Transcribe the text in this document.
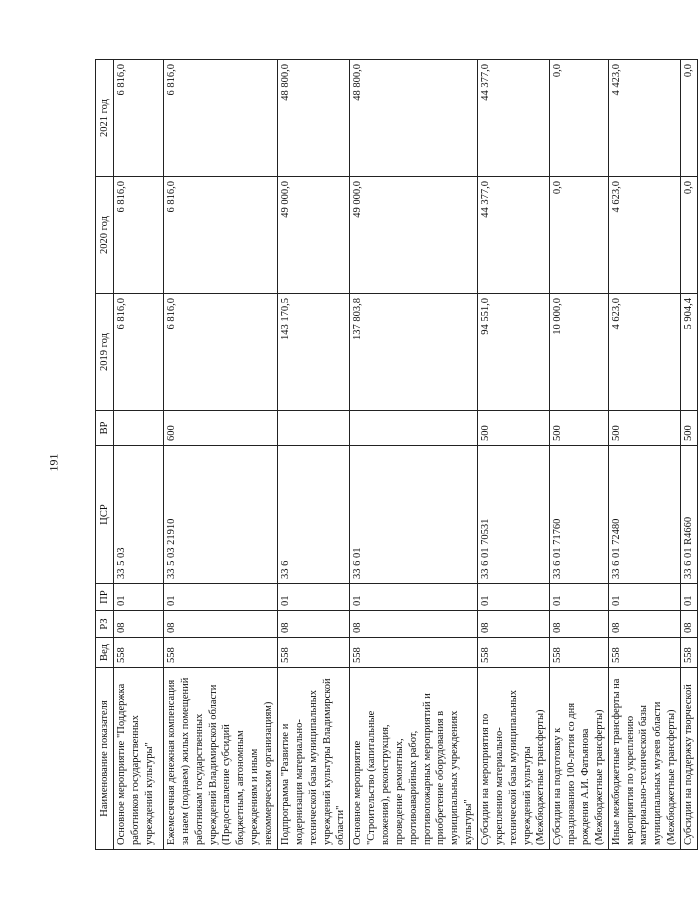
191
Наименование показателя	Вед	РЗ	ПР	ЦСР	ВР	2019 год	2020 год	2021 год
Основное мероприятие "Поддержка работников государственных учреждений культуры"	558	08	01	33 5 03		6 816,0	6 816,0	6 816,0
Ежемесячная денежная компенсация за наем (поднаем) жилых помещений работникам государственных учреждений Владимирской области (Предоставление субсидий бюджетным, автономным учреждениям и иным некоммерческим организациям)	558	08	01	33 5 03 21910	600	6 816,0	6 816,0	6 816,0
Подпрограмма "Развитие и модернизация материально-технической базы муниципальных учреждений культуры Владимирской области"	558	08	01	33 6		143 170,5	49 000,0	48 800,0
Основное мероприятие "Строительство (капитальные вложения), реконструкция, проведение ремонтных, противоаварийных работ, противопожарных мероприятий и приобретение оборудования в муниципальных учреждениях культуры"	558	08	01	33 6 01		137 803,8	49 000,0	48 800,0
Субсидии на мероприятия по укреплению материально-технической базы муниципальных учреждений культуры (Межбюджетные трансферты)	558	08	01	33 6 01 70531	500	94 551,0	44 377,0	44 377,0
Субсидии на подготовку к празднованию 100-летия со дня рождения А.И. Фатьянова (Межбюджетные трансферты)	558	08	01	33 6 01 71760	500	10 000,0	0,0	0,0
Иные межбюджетные трансферты на мероприятия по укреплению материально-технической базы муниципальных музеев области (Межбюджетные трансферты)	558	08	01	33 6 01 72480	500	4 623,0	4 623,0	4 423,0
Субсидии на поддержку творческой	558	08	01	33 6 01 R4660	500	5 904,4	0,0	0,0
